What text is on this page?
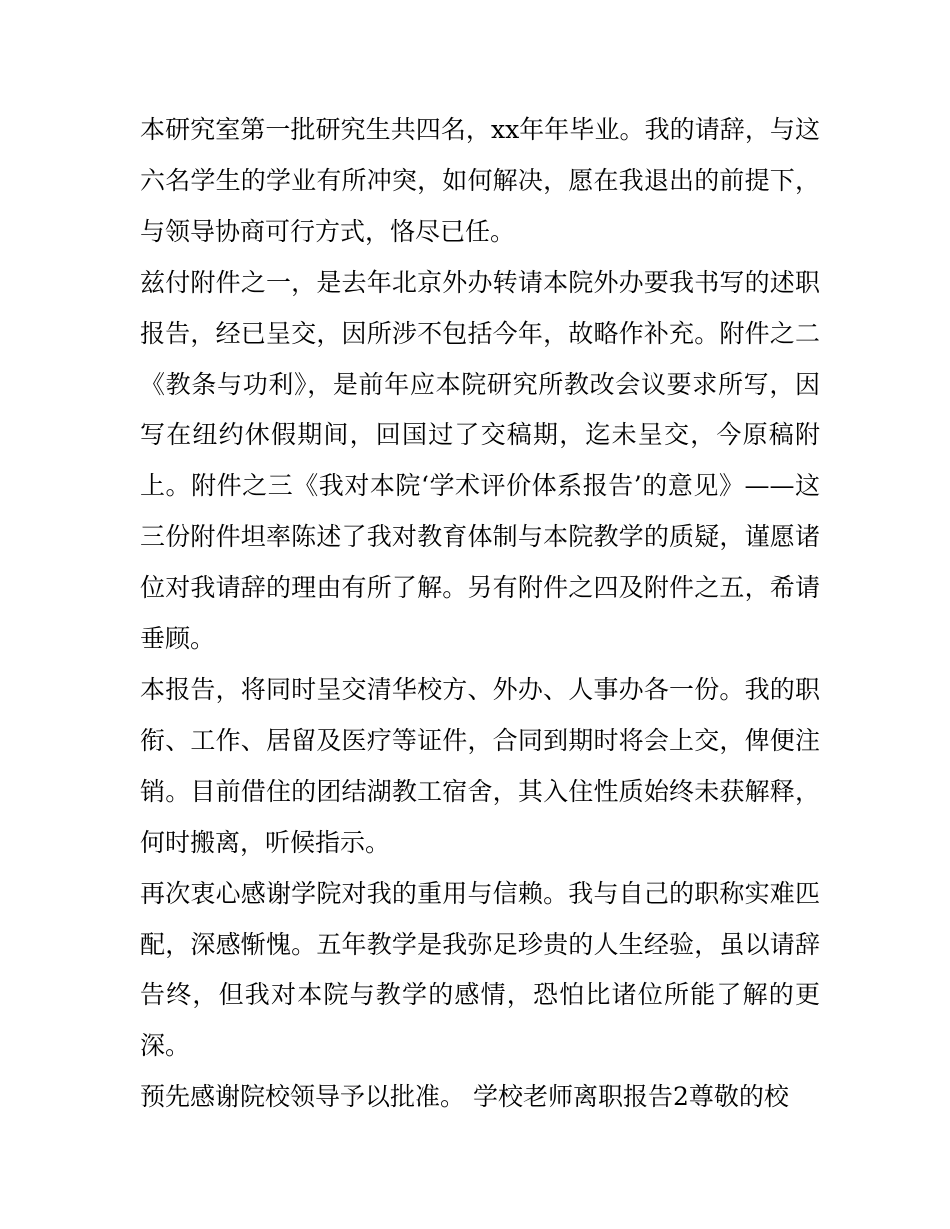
本研究室第一批研究生共四名，xx年年毕业。我的请辞，与这六名学生的学业有所冲突，如何解决，愿在我退出的前提下，与领导协商可行方式，恪尽已任。

兹付附件之一，是去年北京外办转请本院外办要我书写的述职报告，经已呈交，因所涉不包括今年，故略作补充。附件之二《教条与功利》，是前年应本院研究所教改会议要求所写，因写在纽约休假期间，回国过了交稿期，迄未呈交，今原稿附上。附件之三《我对本院‘学术评价体系报告’的意见》——这三份附件坦率陈述了我对教育体制与本院教学的质疑，谨愿诸位对我请辞的理由有所了解。另有附件之四及附件之五，希请垂顾。

本报告，将同时呈交清华校方、外办、人事办各一份。我的职衔、工作、居留及医疗等证件，合同到期时将会上交，俾便注销。目前借住的团结湖教工宿舍，其入住性质始终未获解释，何时搬离，听候指示。

再次衷心感谢学院对我的重用与信赖。我与自己的职称实难匹配，深感惭愧。五年教学是我弥足珍贵的人生经验，虽以请辞告终，但我对本院与教学的感情，恐怕比诸位所能了解的更深。

预先感谢院校领导予以批准。 学校老师离职报告2尊敬的校
